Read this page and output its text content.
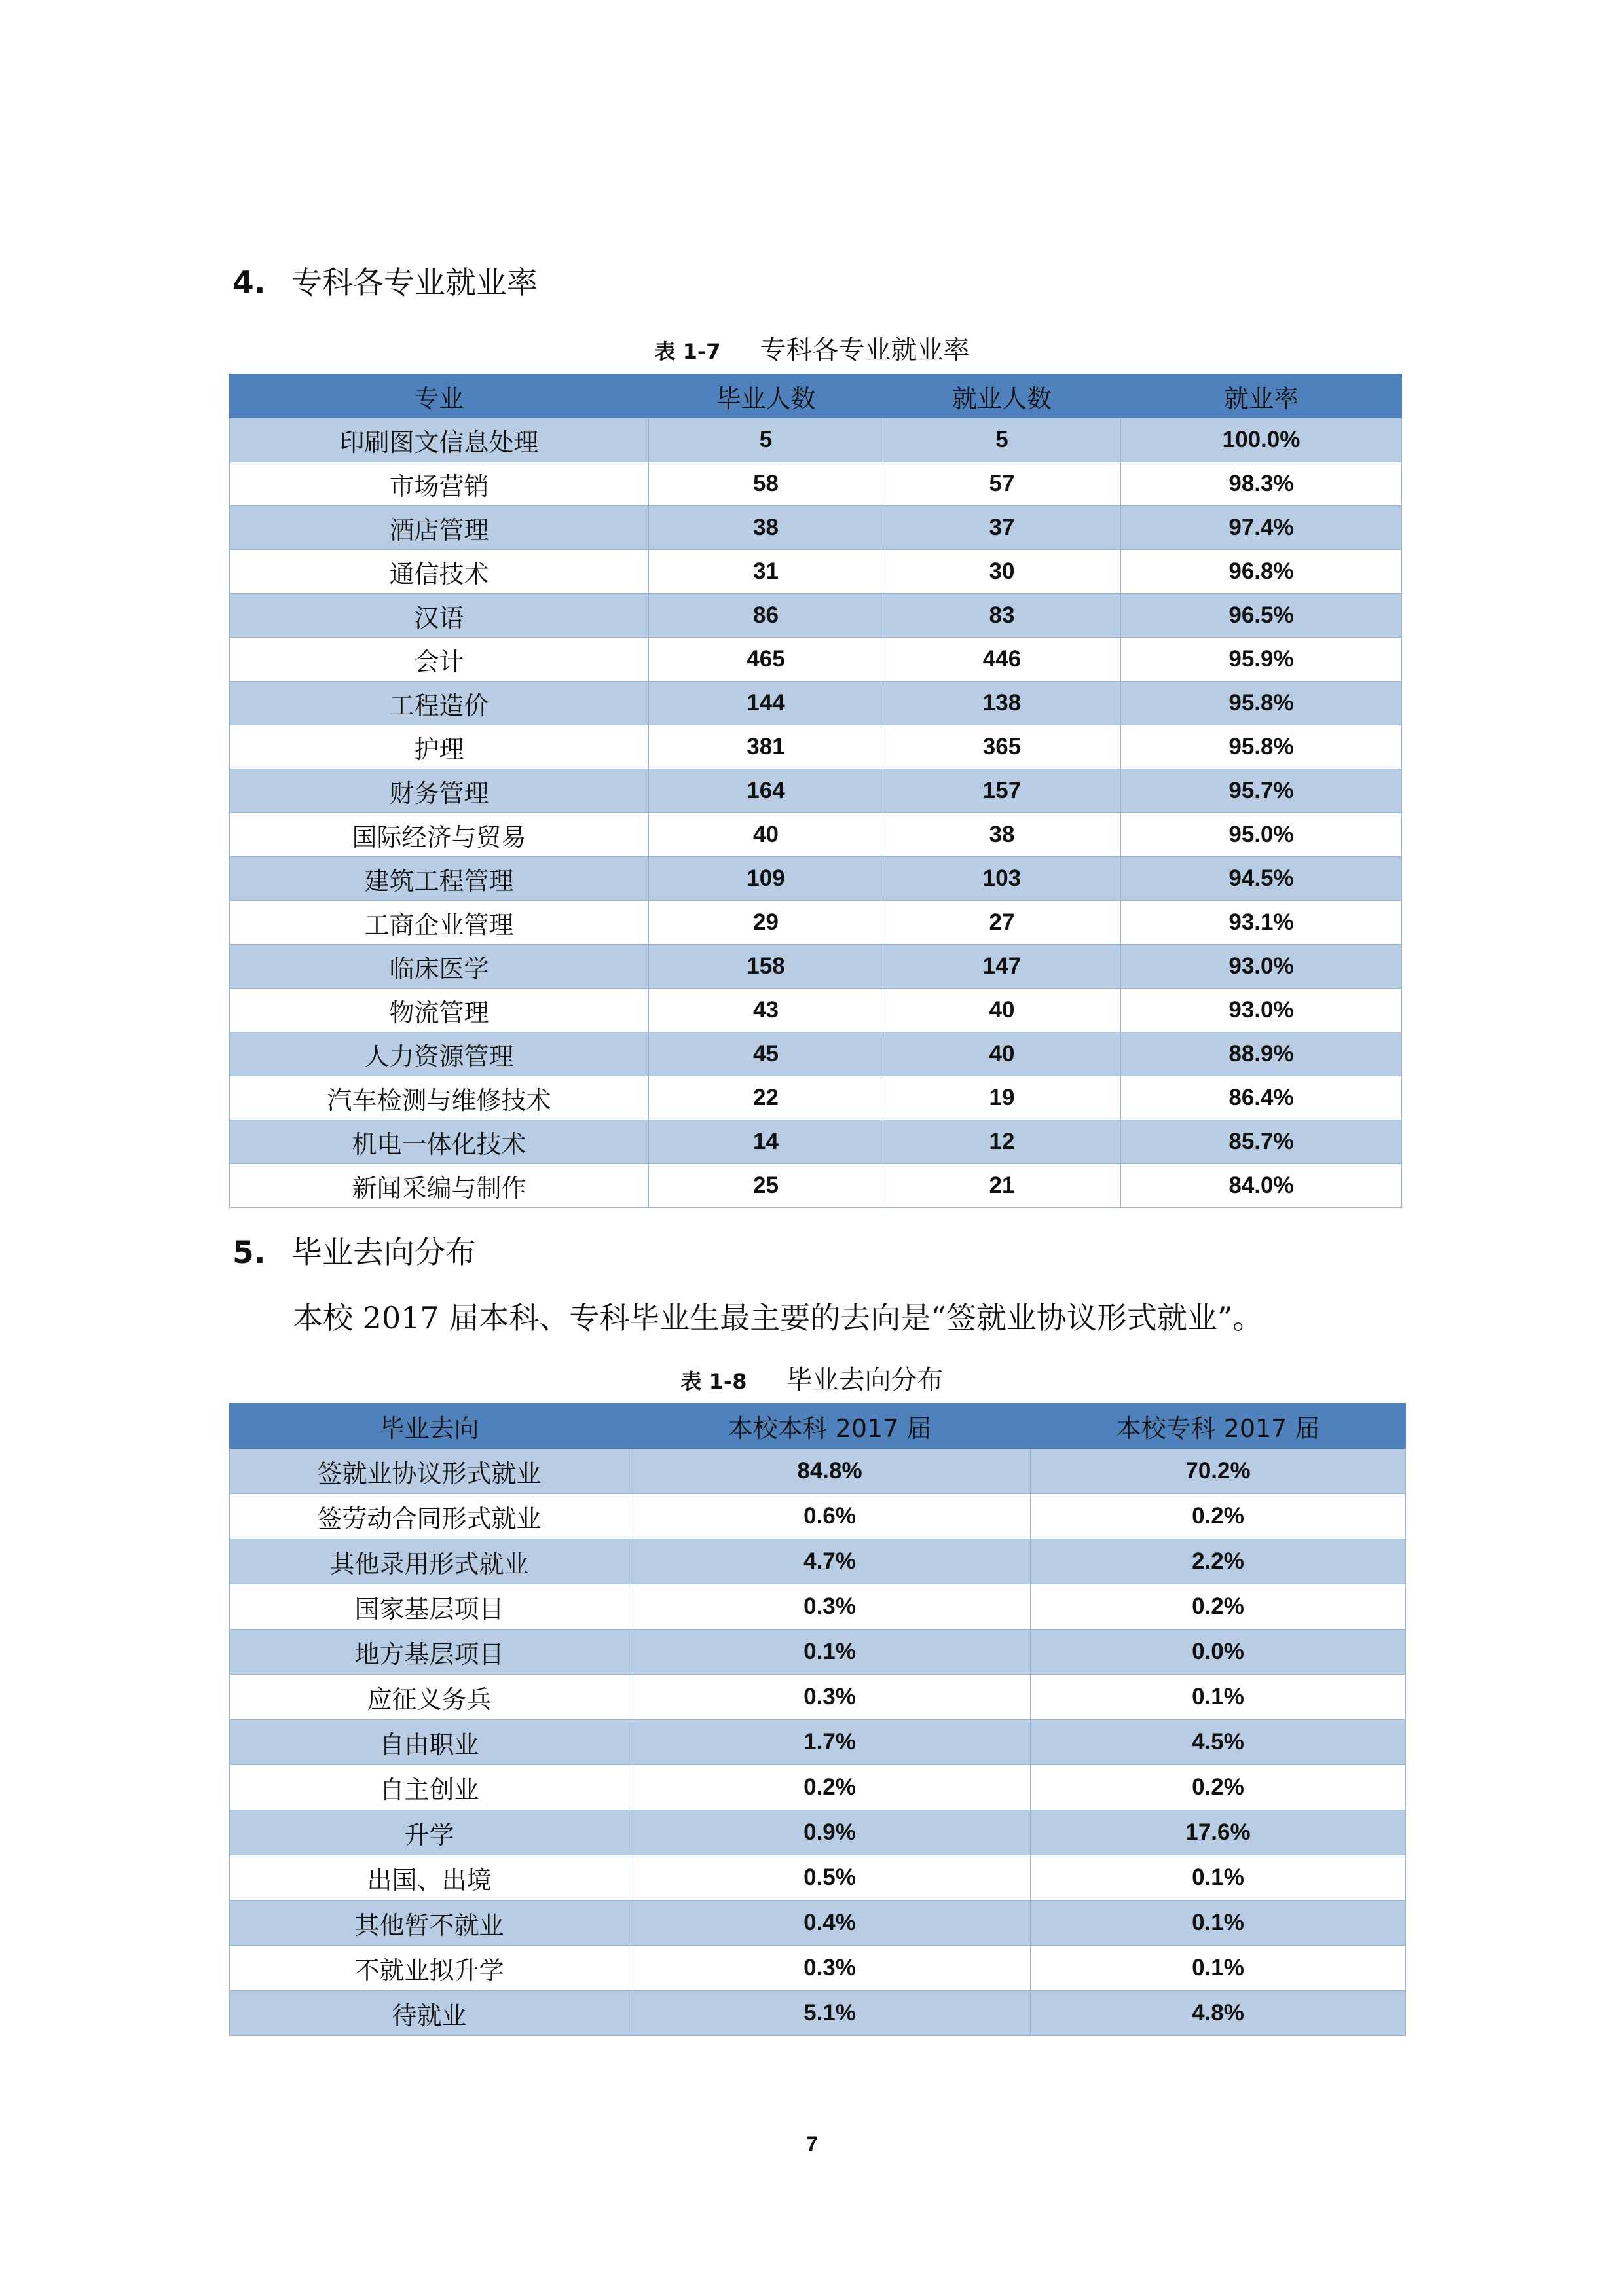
4. 专科各专业就业率
表 1-7 专科各专业就业率
专业	毕业人数	就业人数	就业率
印刷图文信息处理	5	5	100.0%
市场营销	58	57	98.3%
酒店管理	38	37	97.4%
通信技术	31	30	96.8%
汉语	86	83	96.5%
会计	465	446	95.9%
工程造价	144	138	95.8%
护理	381	365	95.8%
财务管理	164	157	95.7%
国际经济与贸易	40	38	95.0%
建筑工程管理	109	103	94.5%
工商企业管理	29	27	93.1%
临床医学	158	147	93.0%
物流管理	43	40	93.0%
人力资源管理	45	40	88.9%
汽车检测与维修技术	22	19	86.4%
机电一体化技术	14	12	85.7%
新闻采编与制作	25	21	84.0%
5. 毕业去向分布

本校 2017 届本科、专科毕业生最主要的去向是“签就业协议形式就业”。

表 1-8 毕业去向分布
毕业去向	本校本科 2017 届	本校专科 2017 届
签就业协议形式就业	84.8%	70.2%
签劳动合同形式就业	0.6%	0.2%
其他录用形式就业	4.7%	2.2%
国家基层项目	0.3%	0.2%
地方基层项目	0.1%	0.0%
应征义务兵	0.3%	0.1%
自由职业	1.7%	4.5%
自主创业	0.2%	0.2%
升学	0.9%	17.6%
出国、出境	0.5%	0.1%
其他暂不就业	0.4%	0.1%
不就业拟升学	0.3%	0.1%
待就业	5.1%	4.8%
7
